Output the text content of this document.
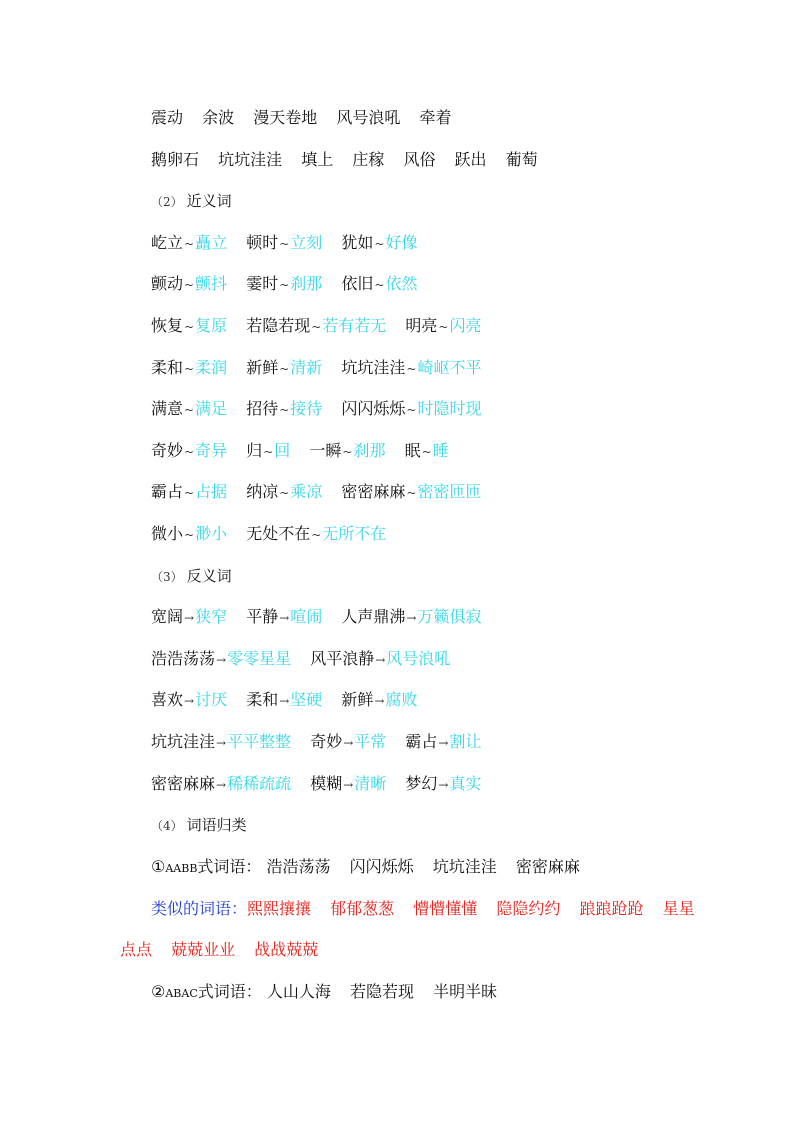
震动 余波 漫天卷地 风号浪吼 牵着
鹅卵石 坑坑洼洼 填上 庄稼 风俗 跃出 葡萄
（2） 近义词
屹立~矗立 顿时~立刻 犹如~好像
颤动~颤抖 霎时~刹那 依旧~依然
恢复~复原 若隐若现~若有若无 明亮~闪亮
柔和~柔润 新鲜~清新 坑坑洼洼~崎岖不平
满意~满足 招待~接待 闪闪烁烁~时隐时现
奇妙~奇异 归~回 一瞬~刹那 眠~睡
霸占~占据 纳凉~乘凉 密密麻麻~密密匝匝
微小~渺小 无处不在~无所不在
（3） 反义词
宽阔→狭窄 平静→喧闹 人声鼎沸→万籁俱寂
浩浩荡荡→零零星星 风平浪静→风号浪吼
喜欢→讨厌 柔和→坚硬 新鲜→腐败
坑坑洼洼→平平整整 奇妙→平常 霸占→割让
密密麻麻→稀稀疏疏 模糊→清晰 梦幻→真实
（4） 词语归类
①AABB式词语： 浩浩荡荡 闪闪烁烁 坑坑洼洼 密密麻麻
类似的词语：熙熙攘攘 郁郁葱葱 懵懵懂懂 隐隐约约 踉踉跄跄 星星
点点 兢兢业业 战战兢兢
②ABAC式词语： 人山人海 若隐若现 半明半昧
